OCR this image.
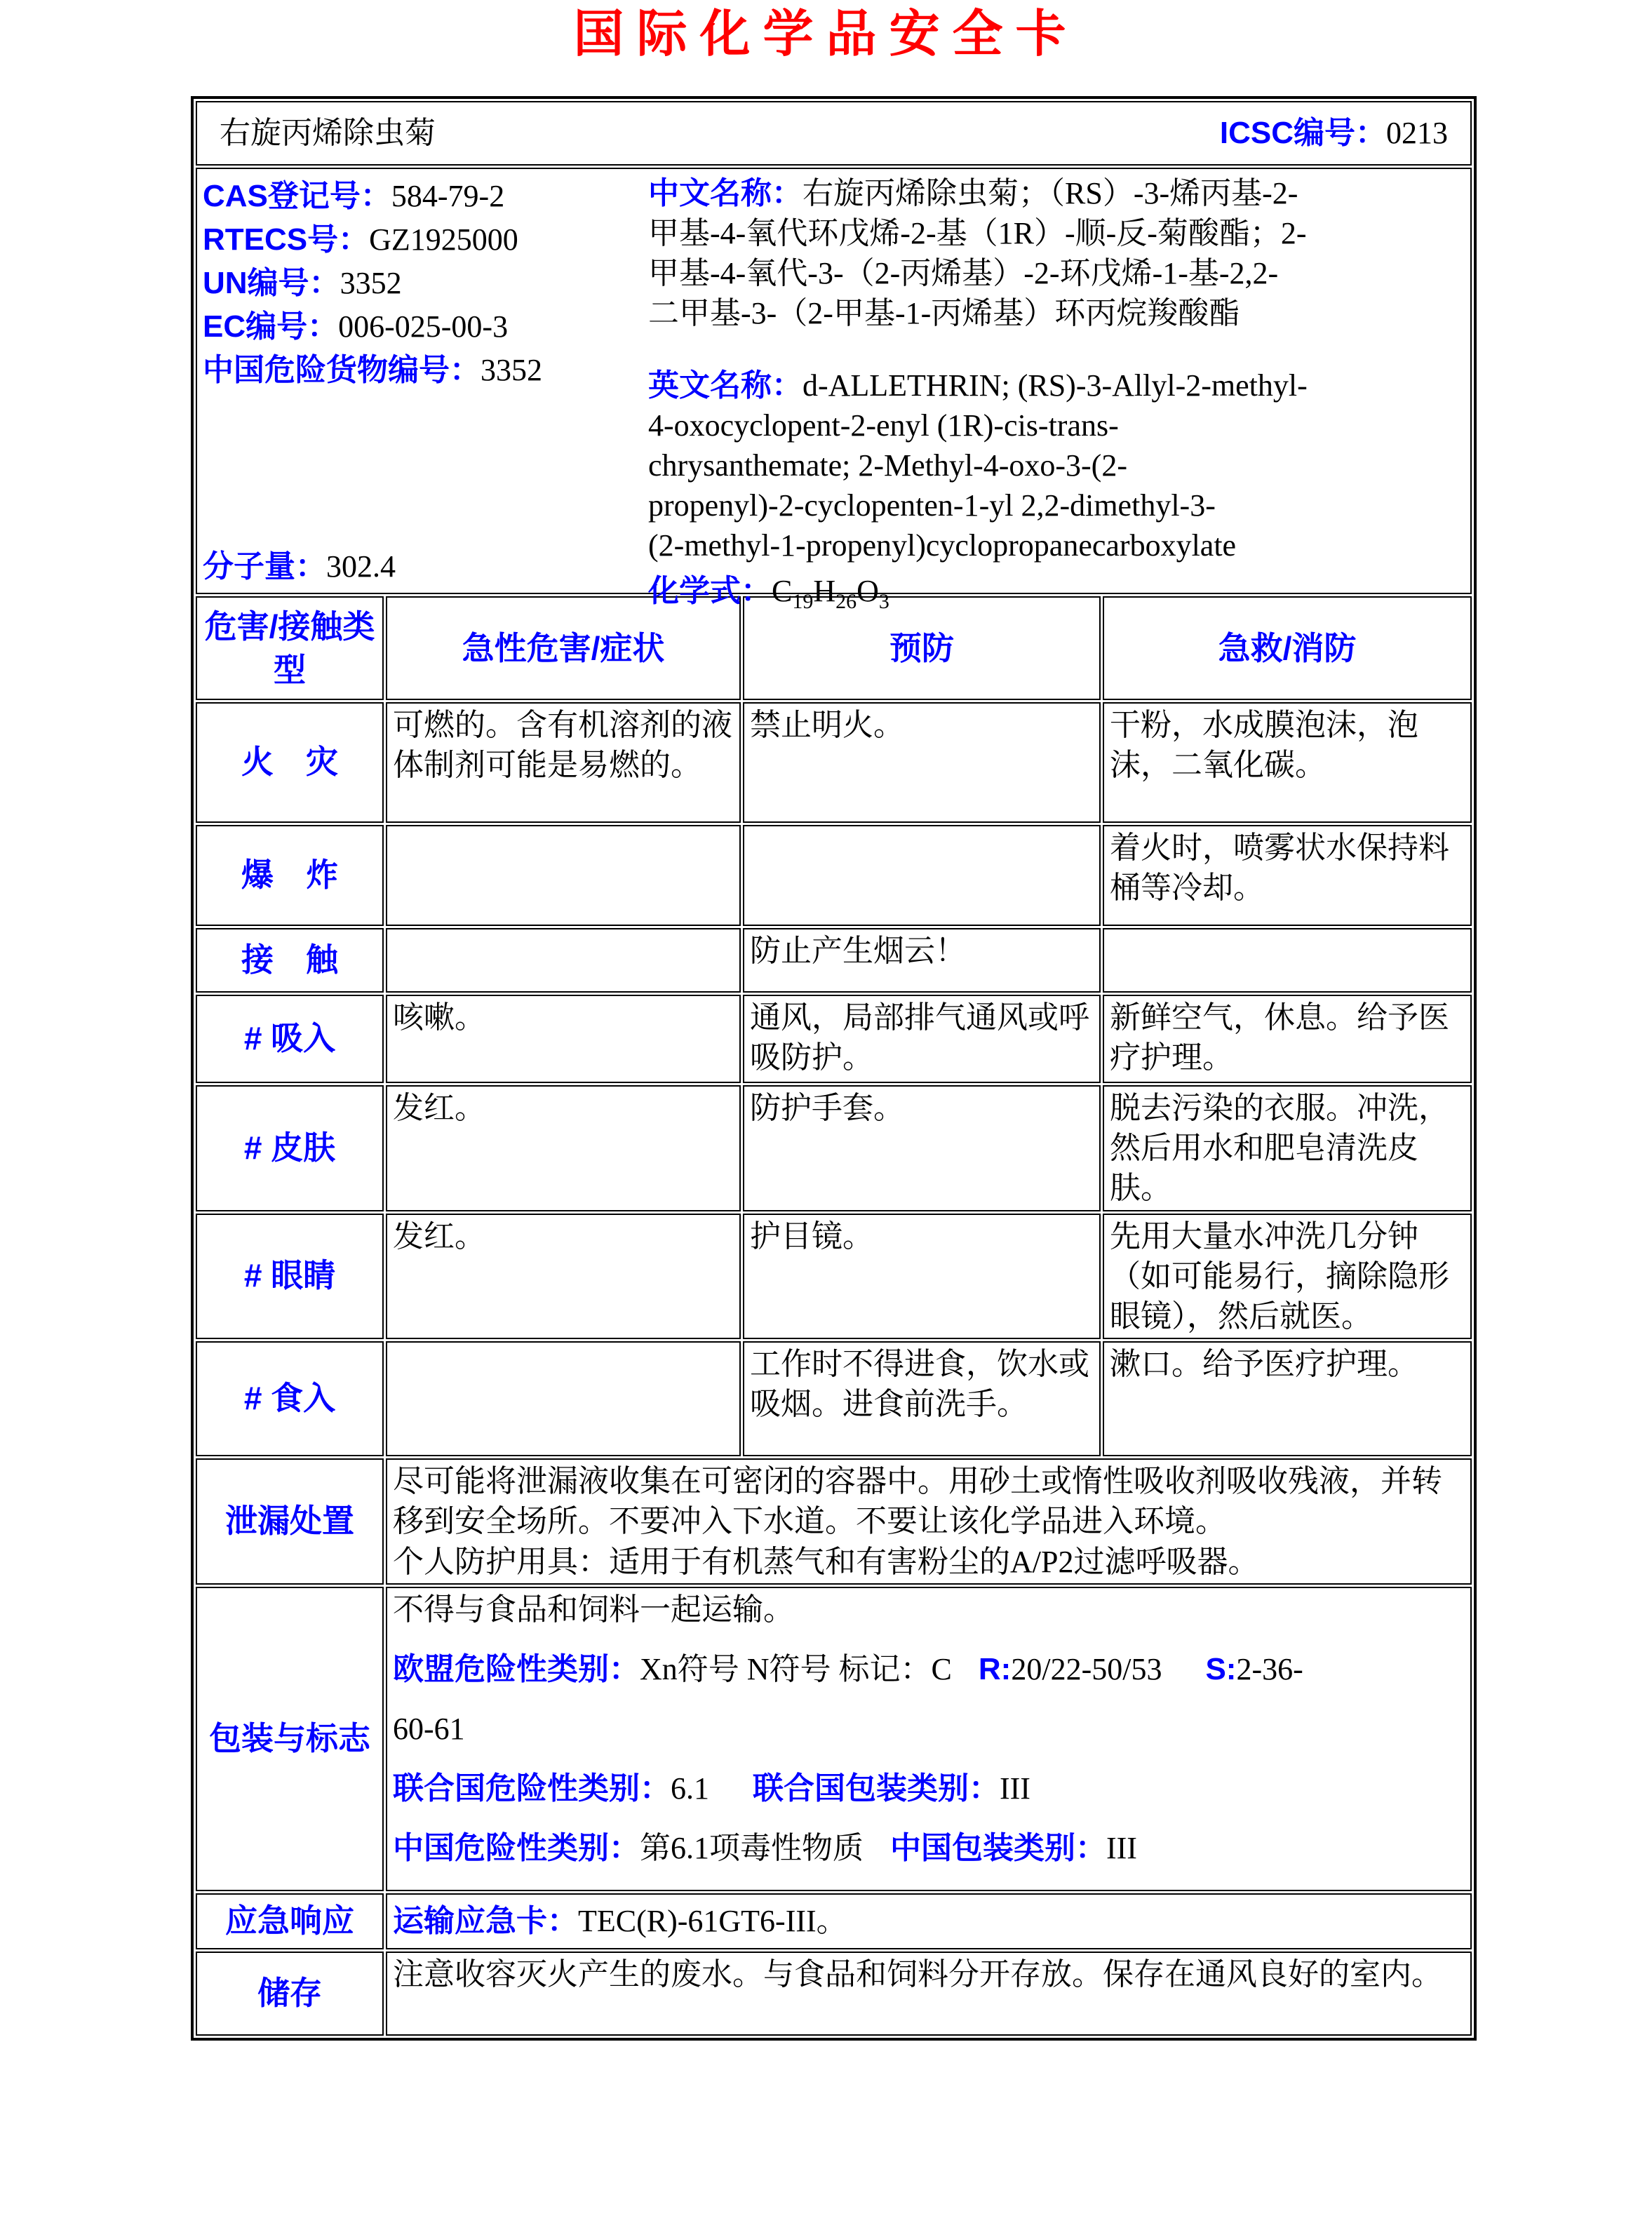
国际化学品安全卡
右旋丙烯除虫菊 ICSC编号：0213			

CAS登记号：584-79-2
RTECS号：GZ1925000
UN编号：3352
EC编号：006-025-00-3
中国危险货物编号：3352
分子量：302.4
中文名称：右旋丙烯除虫菊；（RS）-3-烯丙基-2-
甲基-4-氧代环戊烯-2-基（1R）-顺-反-菊酸酯；2-
甲基-4-氧代-3-（2-丙烯基）-2-环戊烯-1-基-2,2-
二甲基-3-（2-甲基-1-丙烯基）环丙烷羧酸酯
英文名称：d-ALLETHRIN; (RS)-3-Allyl-2-methyl-
4-oxocyclopent-2-enyl (1R)-cis-trans-
chrysanthemate; 2-Methyl-4-oxo-3-(2-
propenyl)-2-cyclopenten-1-yl 2,2-dimethyl-3-
(2-methyl-1-propenyl)cyclopropanecarboxylate
化学式：$C_{19}H_{26}O_3$

危害/接触类型	急性危害/症状	预防	急救/消防
火　灾	可燃的。含有机溶剂的液体制剂可能是易燃的。	禁止明火。	干粉，水成膜泡沫，泡沫，二氧化碳。
爆　炸			着火时，喷雾状水保持料桶等冷却。
接　触		防止产生烟云！	
# 吸入	咳嗽。	通风，局部排气通风或呼吸防护。	新鲜空气，休息。给予医疗护理。
# 皮肤	发红。	防护手套。	脱去污染的衣服。冲洗，然后用水和肥皂清洗皮肤。
# 眼睛	发红。	护目镜。	先用大量水冲洗几分钟（如可能易行，摘除隐形眼镜），然后就医。
# 食入		工作时不得进食，饮水或吸烟。进食前洗手。	漱口。给予医疗护理。
泄漏处置	尽可能将泄漏液收集在可密闭的容器中。用砂土或惰性吸收剂吸收残液，并转移到安全场所。不要冲入下水道。不要让该化学品进入环境。

个人防护用具：适用于有机蒸气和有害粉尘的A/P2过滤呼吸器。		

包装与标志	不得与食品和饲料一起运输。

欧盟危险性类别：Xn符号 N符号 标记：C R:20/22-50/53 S:2-36-

60-61

联合国危险性类别：6.1 联合国包装类别：III

中国危险性类别：第6.1项毒性物质 中国包装类别：III		

应急响应	运输应急卡：TEC(R)-61GT6-III。		
储存	注意收容灭火产生的废水。与食品和饲料分开存放。保存在通风良好的室内。		
